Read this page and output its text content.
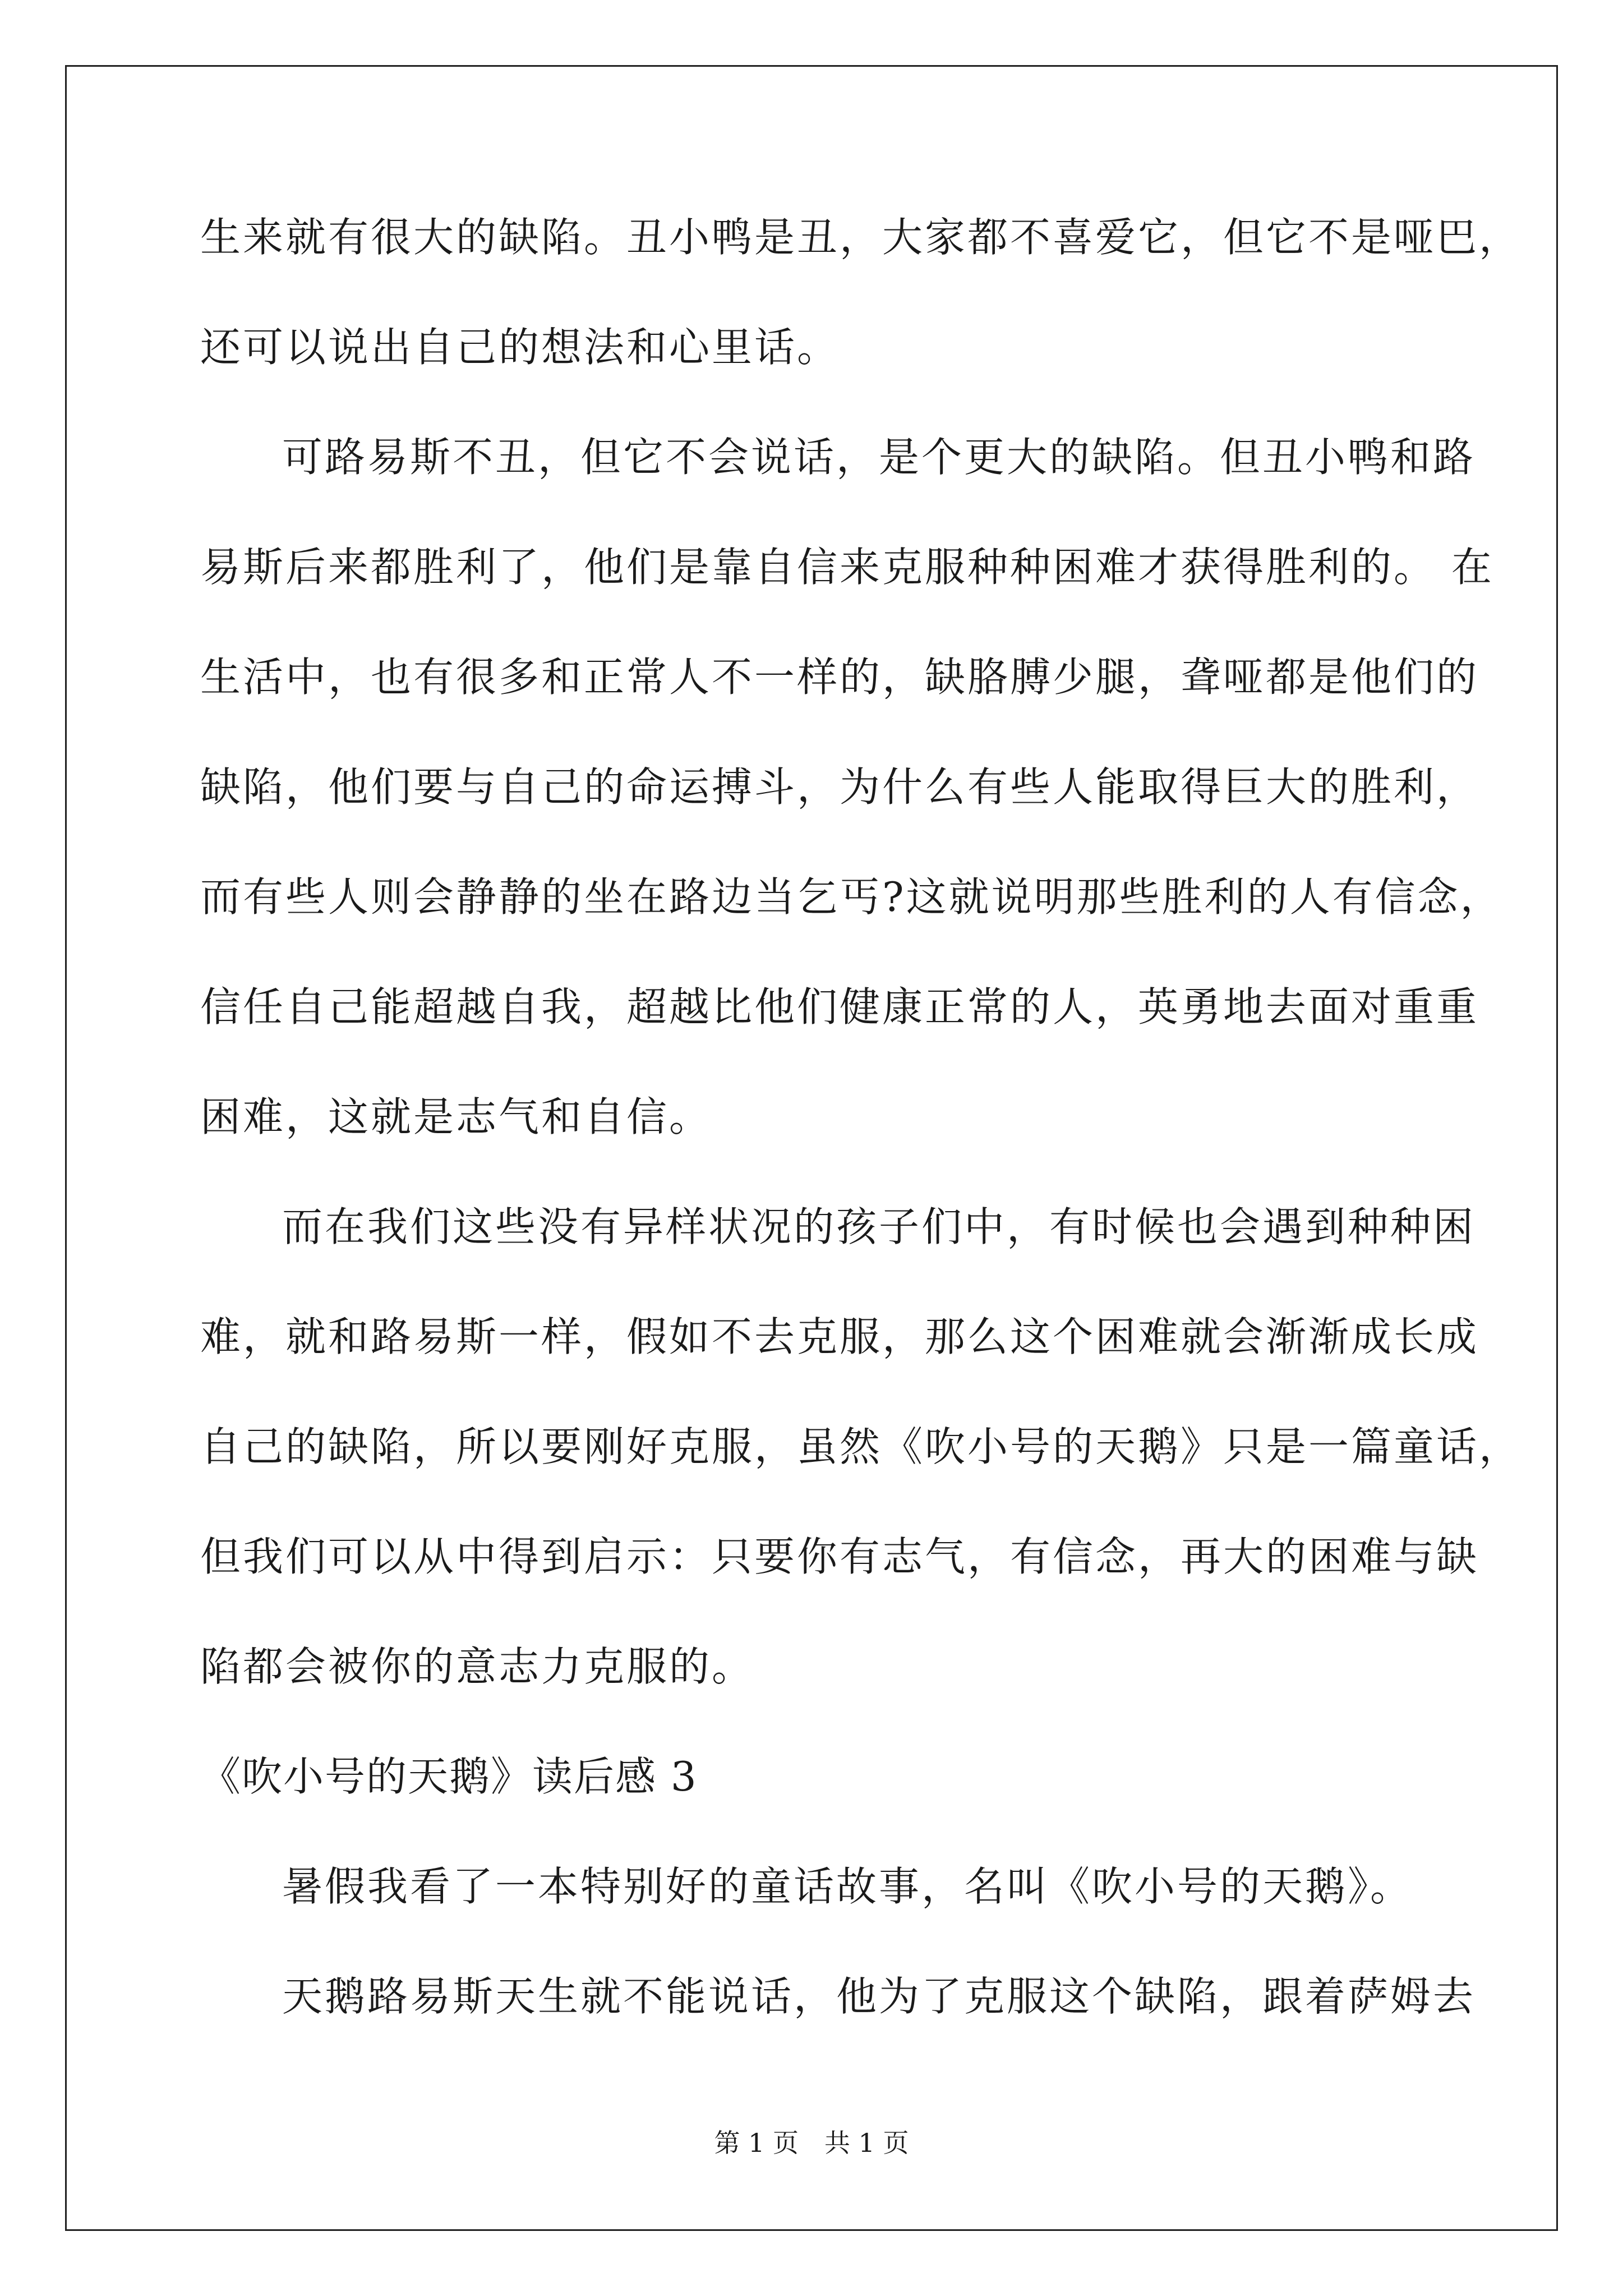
生来就有很大的缺陷。丑小鸭是丑，大家都不喜爱它，但它不是哑巴，
还可以说出自己的想法和心里话。
可路易斯不丑，但它不会说话，是个更大的缺陷。但丑小鸭和路
易斯后来都胜利了，他们是靠自信来克服种种困难才获得胜利的。 在
生活中，也有很多和正常人不一样的，缺胳膊少腿，聋哑都是他们的
缺陷，他们要与自己的命运搏斗，为什么有些人能取得巨大的胜利，
而有些人则会静静的坐在路边当乞丐?这就说明那些胜利的人有信念，
信任自己能超越自我，超越比他们健康正常的人，英勇地去面对重重
困难，这就是志气和自信。
而在我们这些没有异样状况的孩子们中，有时候也会遇到种种困
难，就和路易斯一样，假如不去克服，那么这个困难就会渐渐成长成
自己的缺陷，所以要刚好克服，虽然《吹小号的天鹅》只是一篇童话，
但我们可以从中得到启示：只要你有志气，有信念，再大的困难与缺
陷都会被你的意志力克服的。
《吹小号的天鹅》读后感 3
暑假我看了一本特别好的童话故事，名叫《吹小号的天鹅》。
天鹅路易斯天生就不能说话，他为了克服这个缺陷，跟着萨姆去
第 1 页　共 1 页
